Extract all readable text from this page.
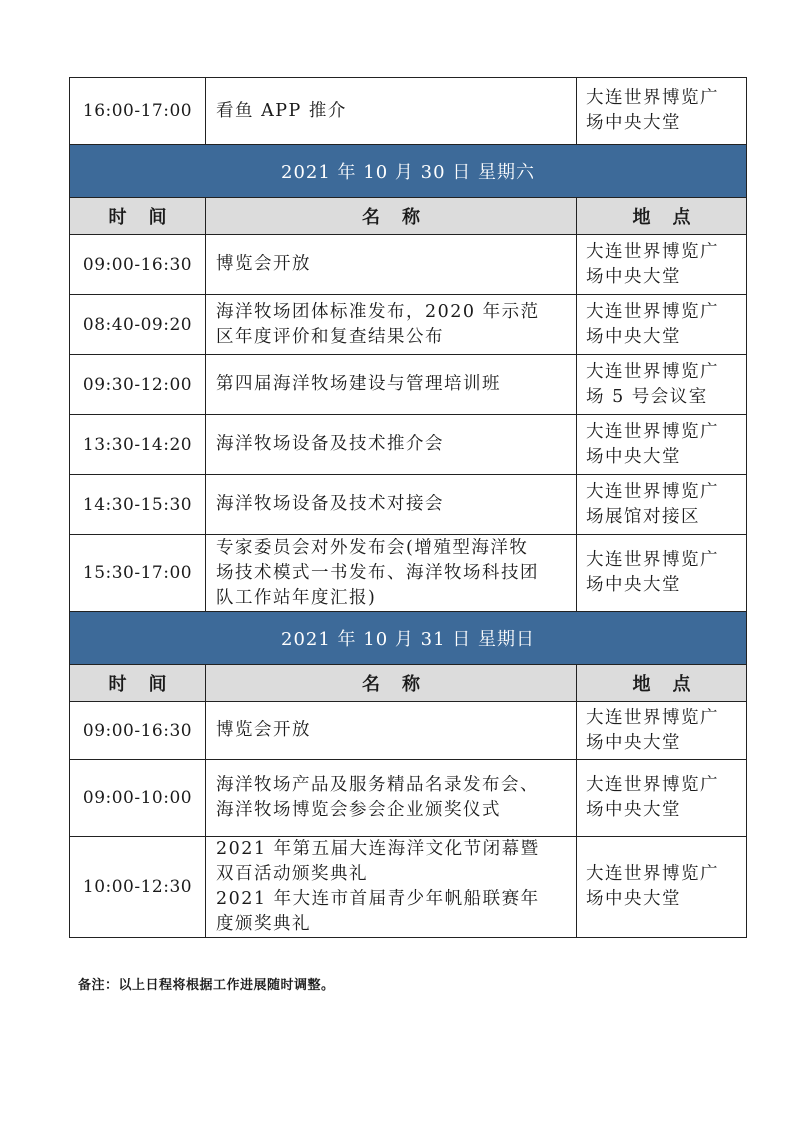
16:00-17:00	看鱼 APP 推介	大连世界博览广
场中央大堂

2021 年 10 月 30 日 星期六		
时间	名称	地点
09:00-16:30	博览会开放	大连世界博览广
场中央大堂

08:40-09:20	海洋牧场团体标准发布，2020 年示范
区年度评价和复查结果公布	大连世界博览广
场中央大堂

09:30-12:00	第四届海洋牧场建设与管理培训班	大连世界博览广
场 5 号会议室

13:30-14:20	海洋牧场设备及技术推介会	大连世界博览广
场中央大堂

14:30-15:30	海洋牧场设备及技术对接会	大连世界博览广
场展馆对接区

15:30-17:00	专家委员会对外发布会(增殖型海洋牧
场技术模式一书发布、海洋牧场科技团
队工作站年度汇报)	大连世界博览广
场中央大堂

2021 年 10 月 31 日 星期日		
时间	名称	地点
09:00-16:30	博览会开放	大连世界博览广
场中央大堂

09:00-10:00	海洋牧场产品及服务精品名录发布会、
海洋牧场博览会参会企业颁奖仪式	大连世界博览广
场中央大堂

10:00-12:30	2021 年第五届大连海洋文化节闭幕暨
双百活动颁奖典礼
2021 年大连市首届青少年帆船联赛年
度颁奖典礼	大连世界博览广
场中央大堂
备注：以上日程将根据工作进展随时调整。
